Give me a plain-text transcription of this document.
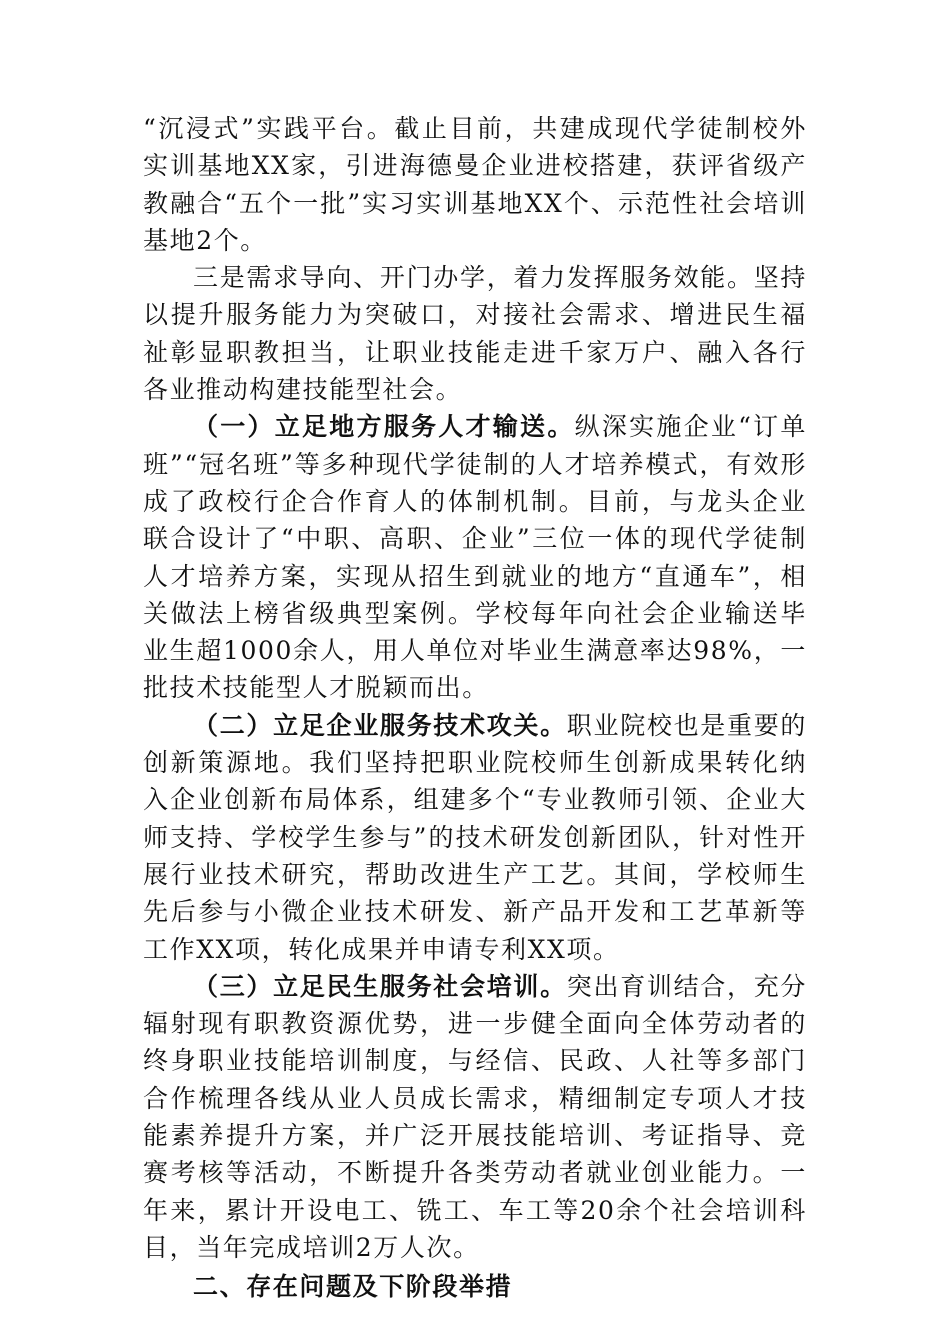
“沉浸式”实践平台。截止目前，共建成现代学徒制校外实训基地XX家，引进海德曼企业进校搭建，获评省级产教融合“五个一批”实习实训基地XX个、示范性社会培训基地2个。

三是需求导向、开门办学，着力发挥服务效能。坚持以提升服务能力为突破口，对接社会需求、增进民生福祉彰显职教担当，让职业技能走进千家万户、融入各行各业推动构建技能型社会。

（一）立足地方服务人才输送。纵深实施企业“订单班”“冠名班”等多种现代学徒制的人才培养模式，有效形成了政校行企合作育人的体制机制。目前，与龙头企业联合设计了“中职、高职、企业”三位一体的现代学徒制人才培养方案，实现从招生到就业的地方“直通车”，相关做法上榜省级典型案例。学校每年向社会企业输送毕业生超1000余人，用人单位对毕业生满意率达98%，一批技术技能型人才脱颖而出。

（二）立足企业服务技术攻关。职业院校也是重要的创新策源地。我们坚持把职业院校师生创新成果转化纳入企业创新布局体系，组建多个“专业教师引领、企业大师支持、学校学生参与”的技术研发创新团队，针对性开展行业技术研究，帮助改进生产工艺。其间，学校师生先后参与小微企业技术研发、新产品开发和工艺革新等工作XX项，转化成果并申请专利XX项。

（三）立足民生服务社会培训。突出育训结合，充分辐射现有职教资源优势，进一步健全面向全体劳动者的终身职业技能培训制度，与经信、民政、人社等多部门合作梳理各线从业人员成长需求，精细制定专项人才技能素养提升方案，并广泛开展技能培训、考证指导、竞赛考核等活动，不断提升各类劳动者就业创业能力。一年来，累计开设电工、铣工、车工等20余个社会培训科目，当年完成培训2万人次。

二、存在问题及下阶段举措
